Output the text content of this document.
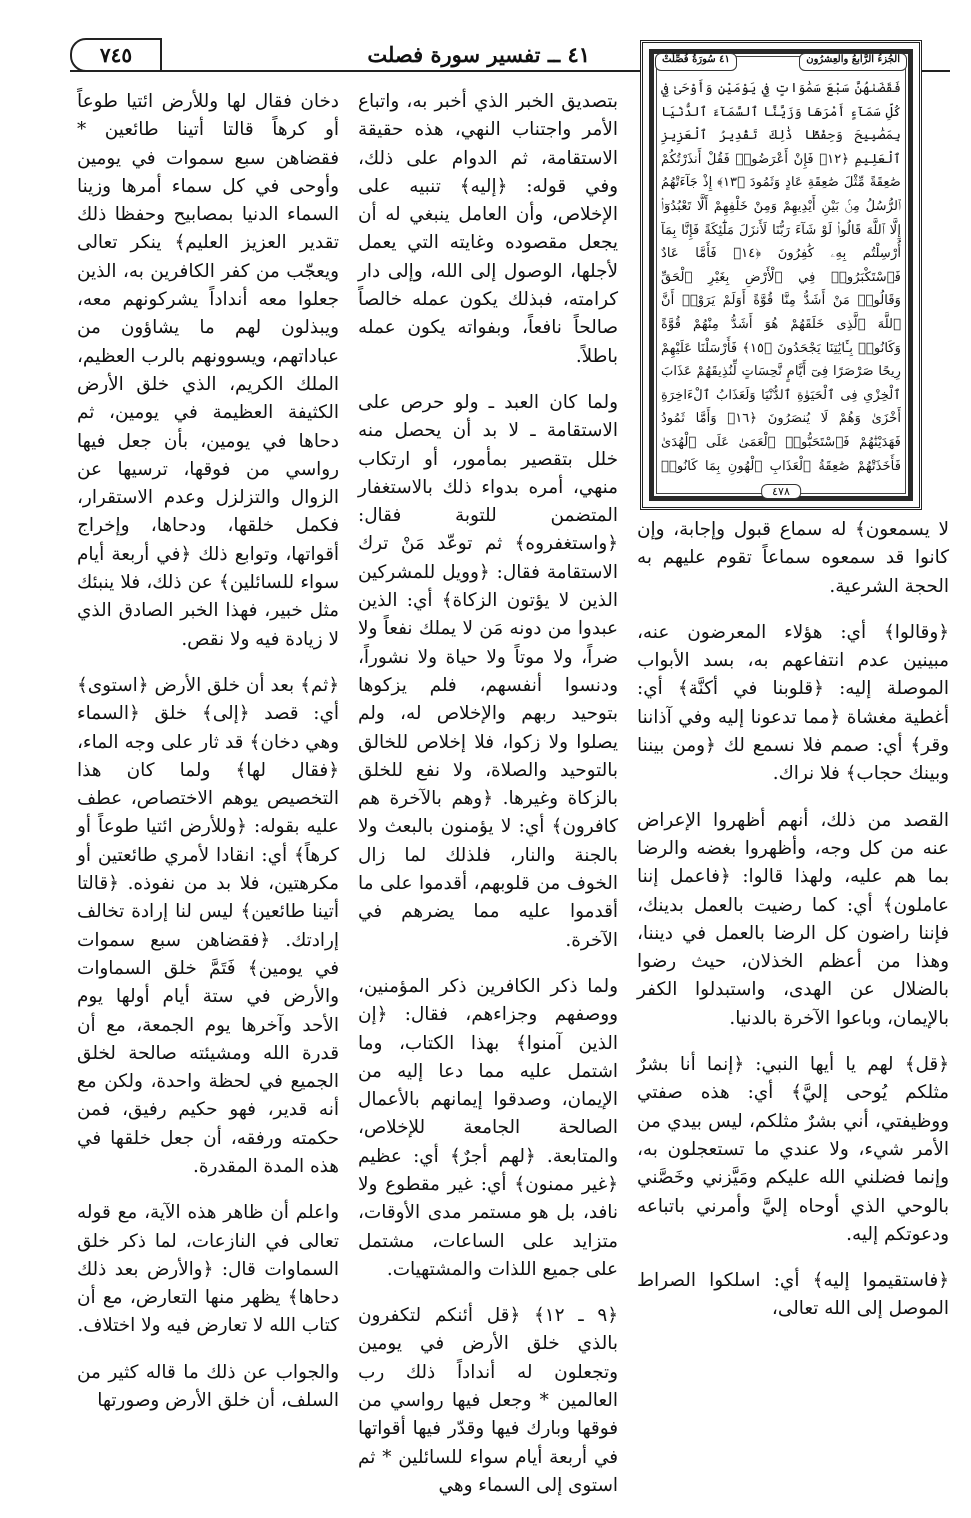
٧٤٥	٤١ ــ تفسير سورة فصلت	الجُزءُ الرَّابعُ والعِشرُون
٤١ سُورَةُ فُصِّلَتْ
فَقَضَىٰهُنَّ سَبْعَ سَمَٰوَاتٍ فِي يَوْمَيْنِ وَأَوْحَىٰ فِي كُلِّ سَمَآءٍ أَمْرَهَا وَزَيَّنَّا ٱلسَّمَآءَ ٱلدُّنْيَا بِمَصَٰبِيحَ وَحِفْظًا ذَٰلِكَ تَقْدِيرُ ٱلْعَزِيزِ ٱلْعَلِيمِ ﴿١٢﴾ فَإِنْ أَعْرَضُوا۟ فَقُلْ أَنذَرْتُكُمْ صَٰعِقَةً مِّثْلَ صَٰعِقَةِ عَادٍ وَثَمُودَ ﴿١٣﴾ إِذْ جَآءَتْهُمُ ٱلرُّسُلُ مِنۢ بَيْنِ أَيْدِيهِمْ وَمِنْ خَلْفِهِمْ أَلَّا تَعْبُدُوٓا۟ إِلَّا ٱللَّهَ قَالُوا۟ لَوْ شَآءَ رَبُّنَا لَأَنزَلَ مَلَٰٓئِكَةً فَإِنَّا بِمَآ أُرْسِلْتُم بِهِۦ كَٰفِرُونَ ﴿١٤﴾ فَأَمَّا عَادٌ فَٱسْتَكْبَرُوا۟ فِي ٱلْأَرْضِ بِغَيْرِ ٱلْحَقِّ وَقَالُوا۟ مَنْ أَشَدُّ مِنَّا قُوَّةً أَوَلَمْ يَرَوْا۟ أَنَّ ٱللَّهَ ٱلَّذِى خَلَقَهُمْ هُوَ أَشَدُّ مِنْهُمْ قُوَّةً وَكَانُوا۟ بِـَٔايَٰتِنَا يَجْحَدُونَ ﴿١٥﴾ فَأَرْسَلْنَا عَلَيْهِمْ رِيحًا صَرْصَرًا فِىٓ أَيَّامٍ نَّحِسَاتٍ لِّنُذِيقَهُمْ عَذَابَ ٱلْخِزْىِ فِى ٱلْحَيَوٰةِ ٱلدُّنْيَا وَلَعَذَابُ ٱلْءَاخِرَةِ أَخْزَىٰ وَهُمْ لَا يُنصَرُونَ ﴿١٦﴾ وَأَمَّا ثَمُودُ فَهَدَيْنَٰهُمْ فَٱسْتَحَبُّوا۟ ٱلْعَمَىٰ عَلَى ٱلْهُدَىٰ فَأَخَذَتْهُمْ صَٰعِقَةُ ٱلْعَذَابِ ٱلْهُونِ بِمَا كَانُوا۟
٤٧٨

لا يسمعون﴾ له سماع قبول وإجابة، وإن كانوا قد سمعوه سماعاً تقوم عليهم به الحجة الشرعية.

﴿وقالوا﴾ أي: هؤلاء المعرضون عنه، مبينين عدم انتفاعهم به، بسد الأبواب الموصلة إليه: ﴿قلوبنا في أكنَّة﴾ أي: أغطية مغشاة ﴿مما تدعونا إليه وفي آذاننا وقر﴾ أي: صمم فلا نسمع لك ﴿ومن بيننا وبينك حجاب﴾ فلا نراك.

القصد من ذلك، أنهم أظهروا الإعراض عنه من كل وجه، وأظهروا بغضه والرضا بما هم عليه، ولهذا قالوا: ﴿فاعمل إننا عاملون﴾ أي: كما رضيت بالعمل بدينك، فإننا راضون كل الرضا بالعمل في ديننا، وهذا من أعظم الخذلان، حيث رضوا بالضلال عن الهدى، واستبدلوا الكفر بالإيمان، وباعوا الآخرة بالدنيا.

﴿قل﴾ لهم يا أيها النبي: ﴿إنما أنا بشرٌ مثلكم يُوحى إليَّ﴾ أي: هذه صفتي ووظيفتي، أني بشرٌ مثلكم، ليس بيدي من الأمر شيء، ولا عندي ما تستعجلون به، وإنما فضلني الله عليكم ومَيَّزني وخَصَّني بالوحي الذي أوحاه إليَّ وأمرني باتباعه ودعوتكم إليه.

﴿فاستقيموا إليه﴾ أي: اسلكوا الصراط الموصل إلى الله تعالى،

بتصديق الخبر الذي أخبر به، واتباع الأمر واجتناب النهي، هذه حقيقة الاستقامة، ثم الدوام على ذلك، وفي قوله: ﴿إليه﴾ تنبيه على الإخلاص، وأن العامل ينبغي له أن يجعل مقصوده وغايته التي يعمل لأجلها، الوصول إلى الله، وإلى دار كرامته، فبذلك يكون عمله خالصاً صالحاً نافعاً، وبفواته يكون عمله باطلاً.

ولما كان العبد ـ ولو حرص على الاستقامة ـ لا بد أن يحصل منه خلل بتقصير بمأمور، أو ارتكاب منهي، أمره بدواء ذلك بالاستغفار المتضمن للتوبة فقال: ﴿واستغفروه﴾ ثم توعّد مَنْ ترك الاستقامة فقال: ﴿وويل للمشركين الذين لا يؤتون الزكاة﴾ أي: الذين عبدوا من دونه مَن لا يملك نفعاً ولا ضراً، ولا موتاً ولا حياة ولا نشوراً، ودنسوا أنفسهم، فلم يزكوها بتوحيد ربهم والإخلاص له، ولم يصلوا ولا زكوا، فلا إخلاص للخالق بالتوحيد والصلاة، ولا نفع للخلق بالزكاة وغيرها. ﴿وهم بالآخرة هم كافرون﴾ أي: لا يؤمنون بالبعث ولا بالجنة والنار، فلذلك لما زال الخوف من قلوبهم، أقدموا على ما أقدموا عليه مما يضرهم في الآخرة.

ولما ذكر الكافرين ذكر المؤمنين، ووصفهم وجزاءهم، فقال: ﴿إن الذين آمنوا﴾ بهذا الكتاب، وما اشتمل عليه مما دعا إليه من الإيمان، وصدقوا إيمانهم بالأعمال الصالحة الجامعة للإخلاص، والمتابعة. ﴿لهم أجرٌ﴾ أي: عظيم ﴿غير ممنون﴾ أي: غير مقطوع ولا نافد، بل هو مستمر مدى الأوقات، متزايد على الساعات، مشتمل على جميع اللذات والمشتهيات.

﴿٩ ـ ١٢﴾ ﴿قل أئنكم لتكفرون بالذي خلق الأرض في يومين وتجعلون له أنداداً ذلك رب العالمين * وجعل فيها رواسي من فوقها وبارك فيها وقدّر فيها أقواتها في أربعة أيام سواء للسائلين * ثم استوى إلى السماء وهي

دخان فقال لها وللأرض ائتيا طوعاً أو كرهاً قالتا أتينا طائعين * فقضاهن سبع سموات في يومين وأوحى في كل سماء أمرها وزينا السماء الدنيا بمصابيح وحفظا ذلك تقدير العزيز العليم﴾ ينكر تعالى ويعجّب من كفر الكافرين به، الذين جعلوا معه أنداداً يشركونهم معه، ويبذلون لهم ما يشاؤون من عباداتهم، ويسوونهم بالرب العظيم، الملك الكريم، الذي خلق الأرض الكثيفة العظيمة في يومين، ثم دحاها في يومين، بأن جعل فيها رواسي من فوقها، ترسيها عن الزوال والتزلزل وعدم الاستقرار، فكمل خلقها، ودحاها، وإخراج أقواتها، وتوابع ذلك ﴿في أربعة أيام سواء للسائلين﴾ عن ذلك، فلا ينبئك مثل خبير، فهذا الخبر الصادق الذي لا زيادة فيه ولا نقص.

﴿ثم﴾ بعد أن خلق الأرض ﴿استوى﴾ أي: قصد ﴿إلى﴾ خلق ﴿السماء وهي دخان﴾ قد ثار على وجه الماء، ﴿فقال لها﴾ ولما كان هذا التخصيص يوهم الاختصاص، عطف عليه بقوله: ﴿وللأرض ائتيا طوعاً أو كرهاً﴾ أي: انقادا لأمري طائعتين أو مكرهتين، فلا بد من نفوذه. ﴿قالتا أتينا طائعين﴾ ليس لنا إرادة تخالف إرادتك. ﴿فقضاهن سبع سموات في يومين﴾ فَتَمَّ خلق السماوات والأرض في ستة أيام أولها يوم الأحد وآخرها يوم الجمعة، مع أن قدرة الله ومشيئته صالحة لخلق الجميع في لحظة واحدة، ولكن مع أنه قدير، فهو حكيم رفيق، فمن حكمته ورفقه، أن جعل خلقها في هذه المدة المقدرة.

واعلم أن ظاهر هذه الآية، مع قوله تعالى في النازعات، لما ذكر خلق السماوات قال: ﴿والأرض بعد ذلك دحاها﴾ يظهر منها التعارض، مع أن كتاب الله لا تعارض فيه ولا اختلاف.

والجواب عن ذلك ما قاله كثير من السلف، أن خلق الأرض وصورتها
